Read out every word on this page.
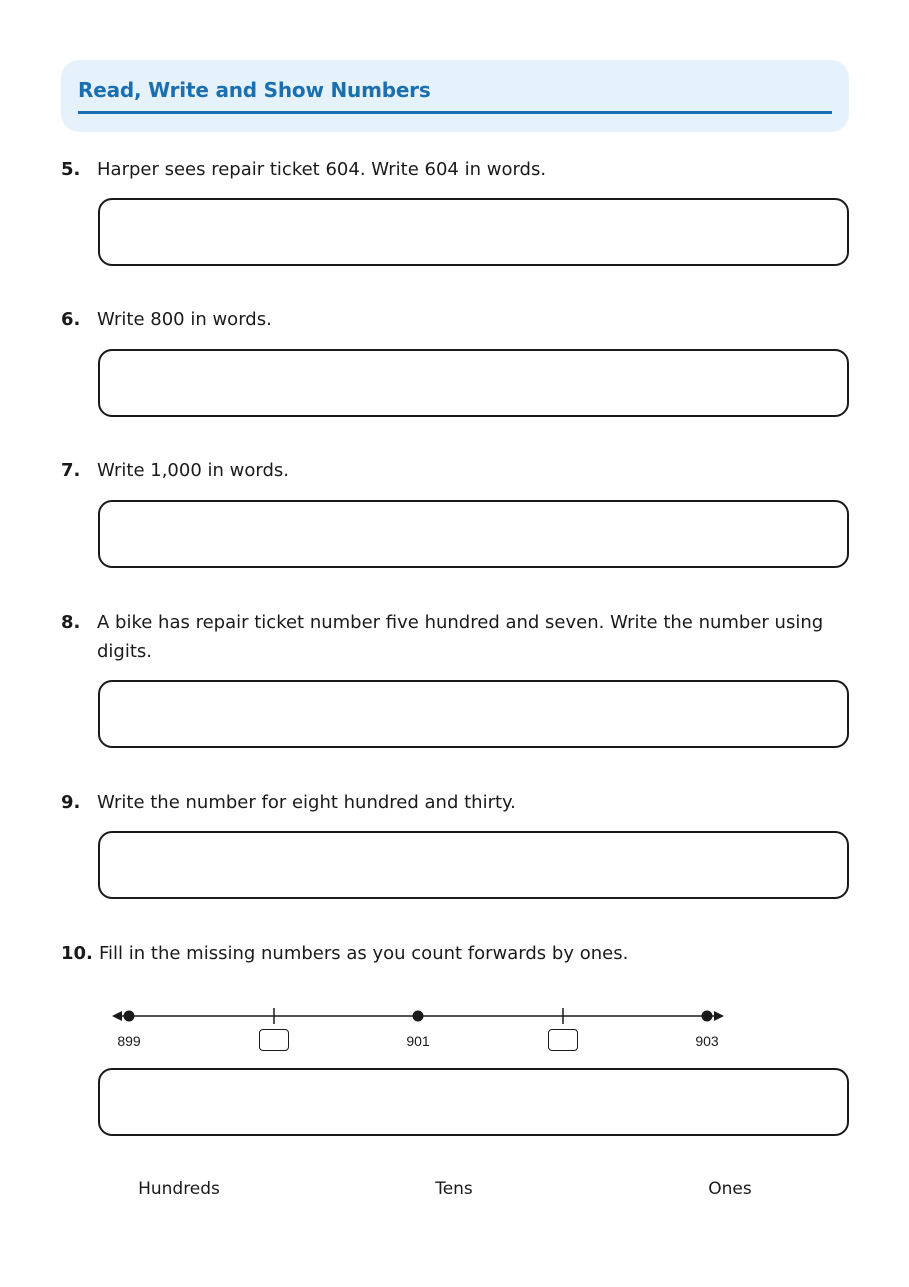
Read, Write and Show Numbers
5. Harper sees repair ticket 604. Write 604 in words.
6. Write 800 in words.
7. Write 1,000 in words.
8. A bike has repair ticket number five hundred and seven. Write the number using
digits.
9. Write the number for eight hundred and thirty.
10. Fill in the missing numbers as you count forwards by ones.
899	901	903
Hundreds	Tens	Ones
